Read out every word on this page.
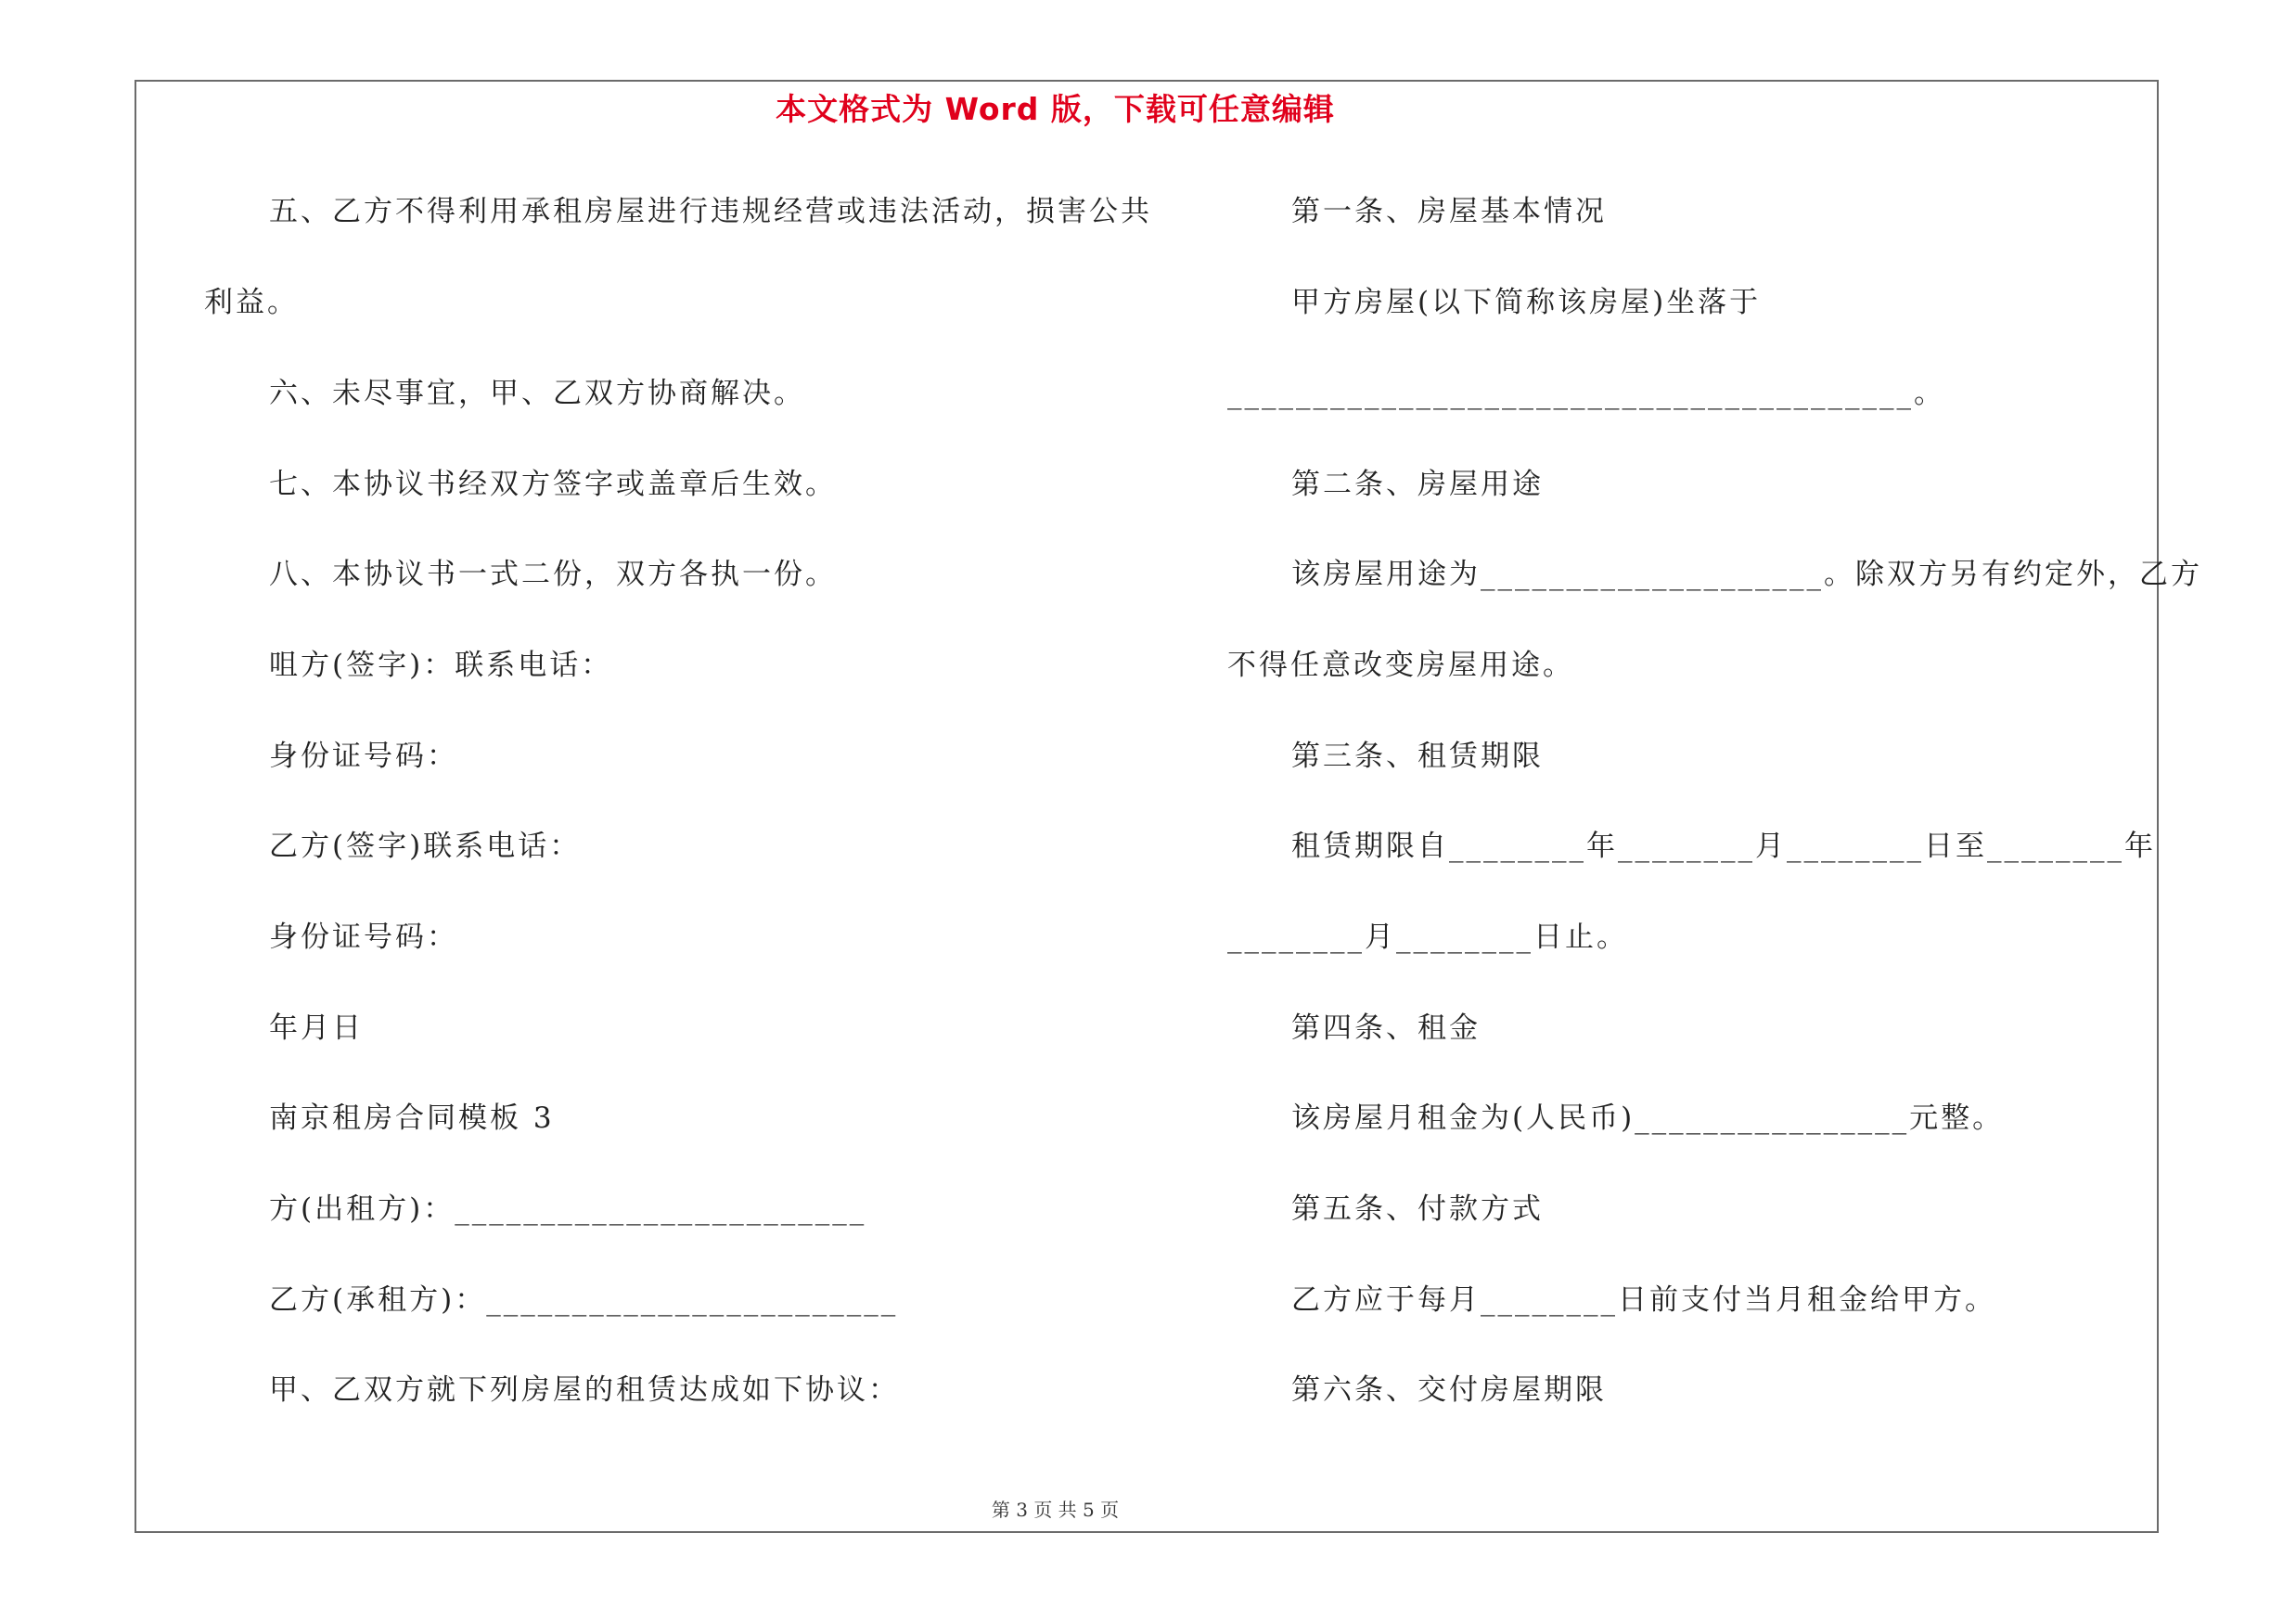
本文格式为 Word 版，下载可任意编辑
五、乙方不得利用承租房屋进行违规经营或违法活动，损害公共
利益。
六、未尽事宜，甲、乙双方协商解决。
七、本协议书经双方签字或盖章后生效。
八、本协议书一式二份，双方各执一份。
咀方(签字)：联系电话：
身份证号码：
乙方(签字)联系电话：
身份证号码：
年月日
南京租房合同模板 3
方(出租方)：________________________
乙方(承租方)：________________________
甲、乙双方就下列房屋的租赁达成如下协议：
第一条、房屋基本情况
甲方房屋(以下简称该房屋)坐落于
________________________________________。
第二条、房屋用途
该房屋用途为____________________。除双方另有约定外，乙方
不得任意改变房屋用途。
第三条、租赁期限
租赁期限自________年________月________日至________年
________月________日止。
第四条、租金
该房屋月租金为(人民币)________________元整。
第五条、付款方式
乙方应于每月________日前支付当月租金给甲方。
第六条、交付房屋期限
第 3 页 共 5 页
